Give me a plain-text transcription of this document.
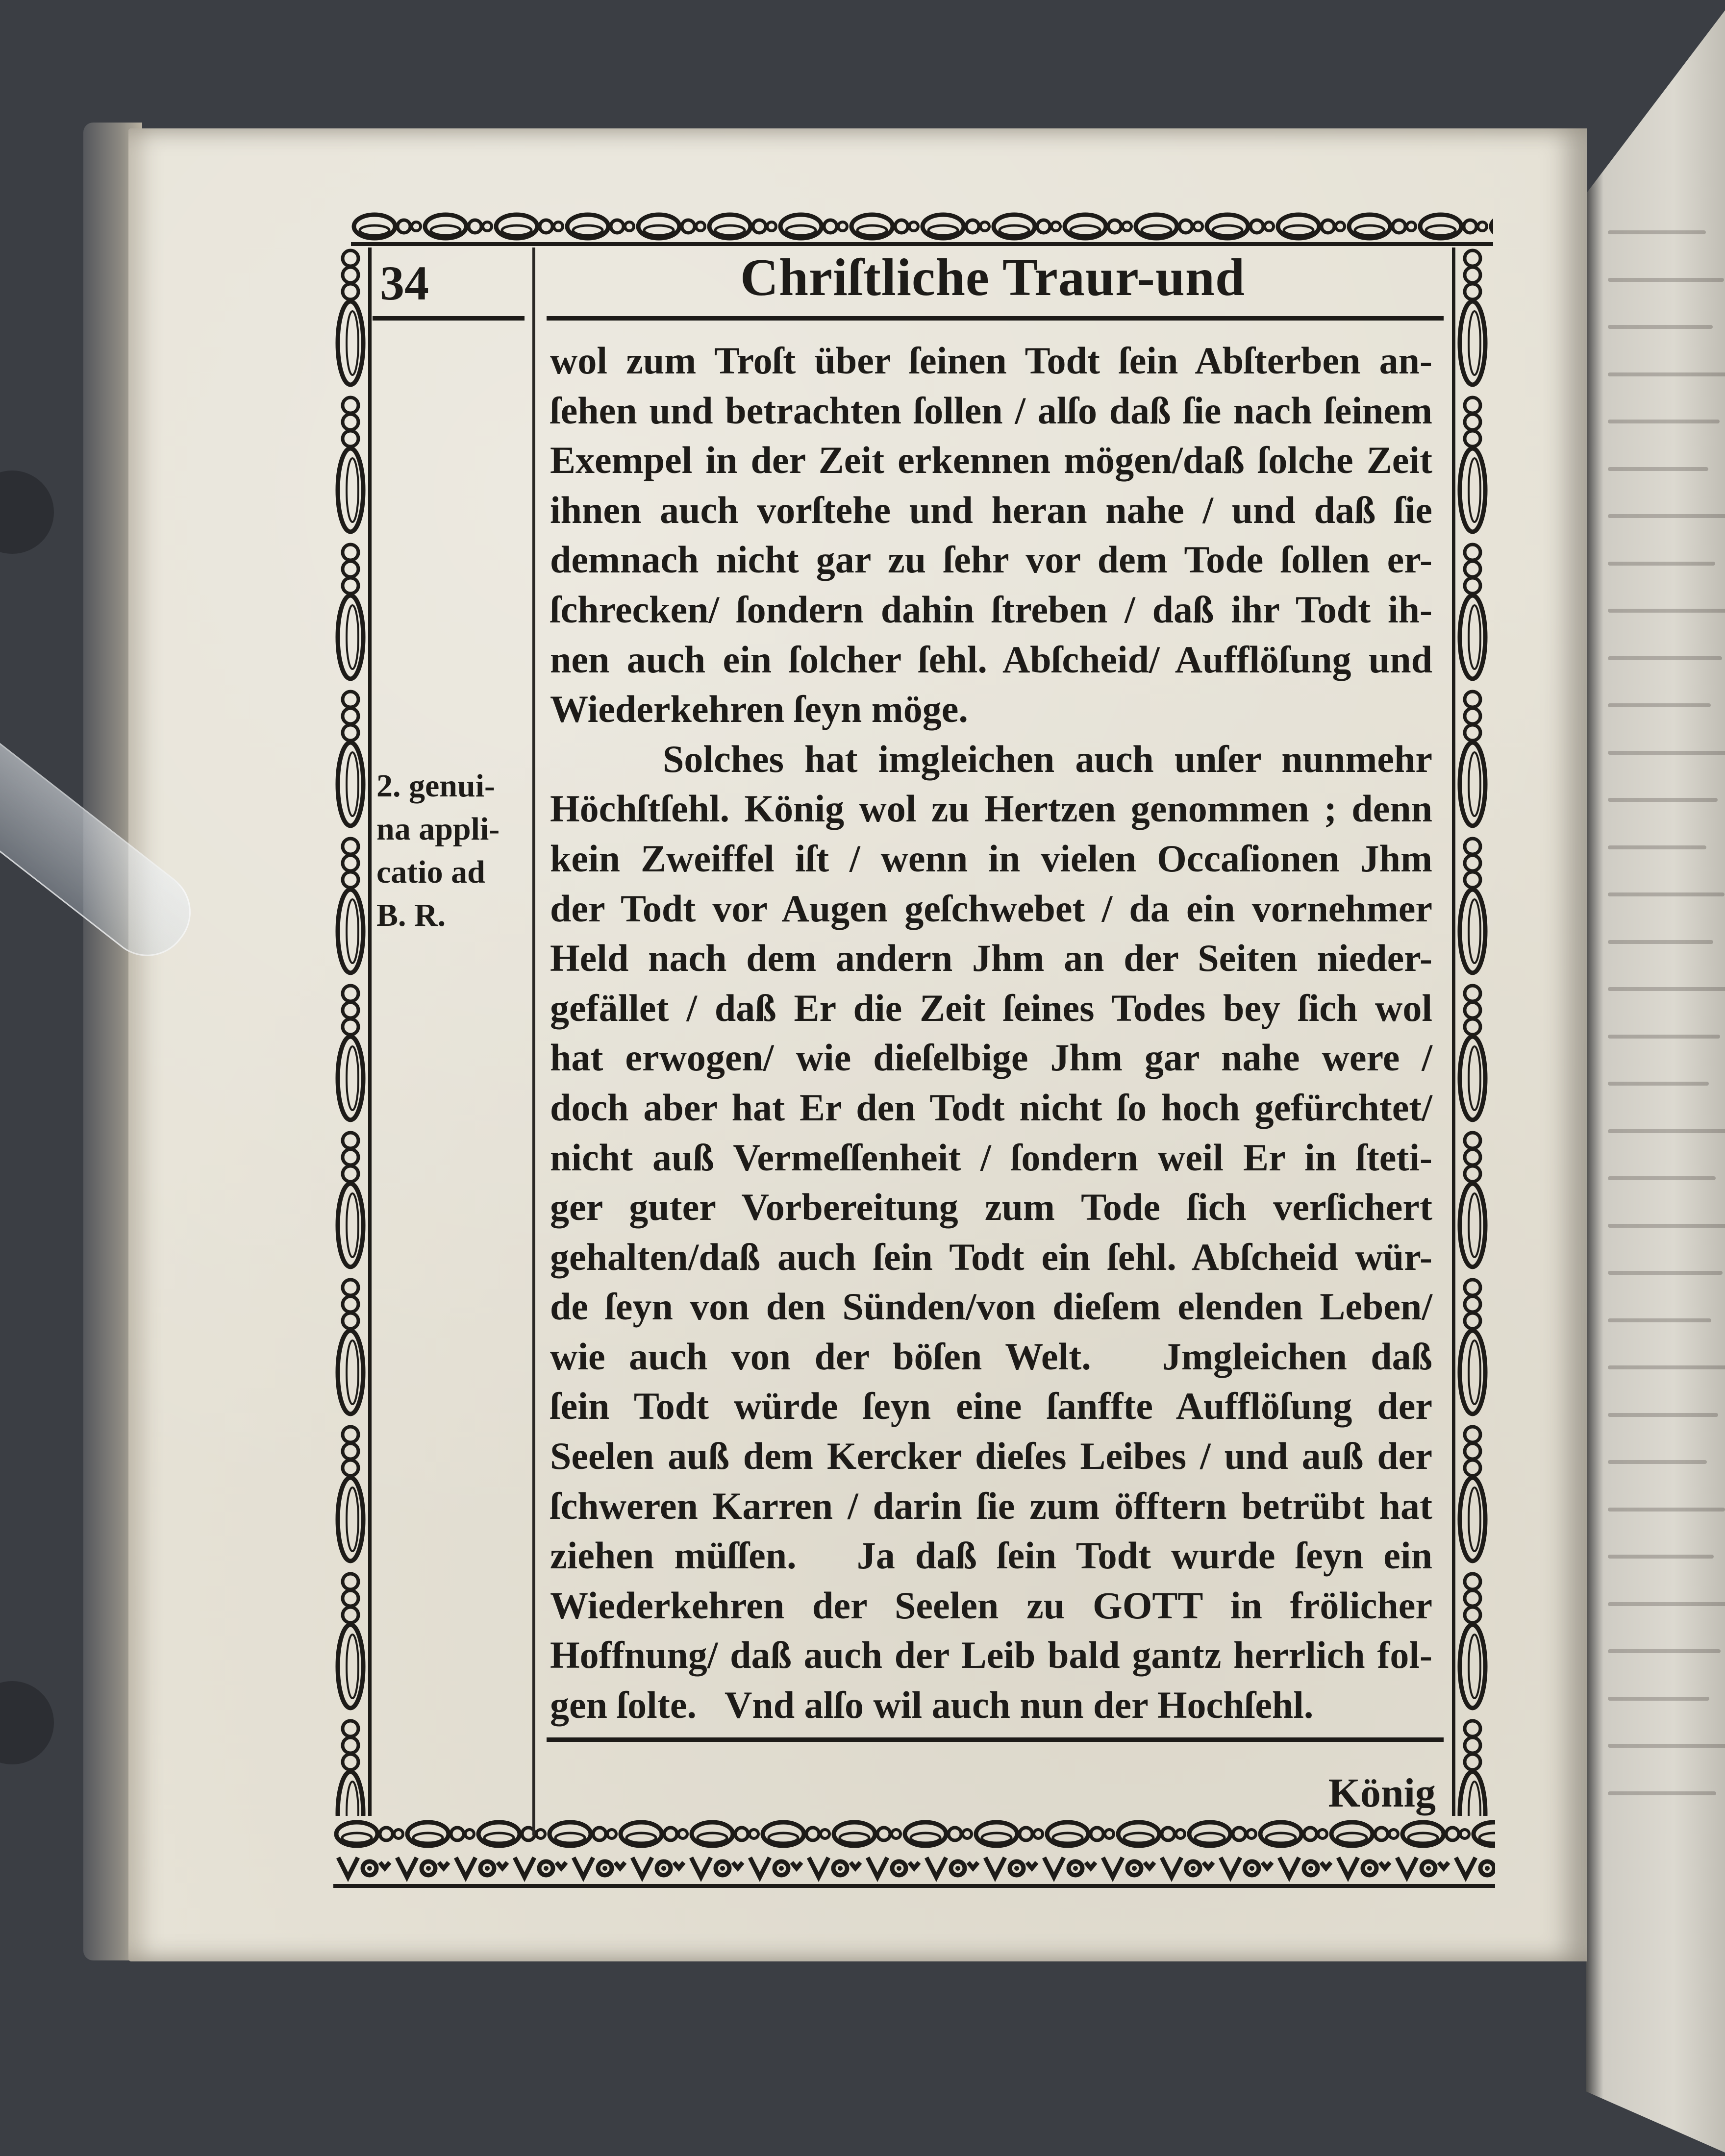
34	Chriſtliche Traur-und
2. genui-
na appli-
catio ad
B. R.
wol zum Troſt über ſeinen Todt ſein Abſterben an-
ſehen und betrachten ſollen / alſo daß ſie nach ſeinem
Exempel in der Zeit erkennen mögen/daß ſolche Zeit
ihnen auch vorſtehe und heran nahe / und daß ſie
demnach nicht gar zu ſehr vor dem Tode ſollen er-
ſchrecken/ ſondern dahin ſtreben / daß ihr Todt ih-
nen auch ein ſolcher ſehl. Abſcheid/ Aufflöſung und
Wiederkehren ſeyn möge.
Solches hat imgleichen auch unſer nunmehr
Höchſtſehl. König wol zu Hertzen genommen ; denn
kein Zweiffel iſt / wenn in vielen Occaſionen Jhm
der Todt vor Augen geſchwebet / da ein vornehmer
Held nach dem andern Jhm an der Seiten nieder-
gefället / daß Er die Zeit ſeines Todes bey ſich wol
hat erwogen/ wie dieſelbige Jhm gar nahe were /
doch aber hat Er den Todt nicht ſo hoch gefürchtet/
nicht auß Vermeſſenheit / ſondern weil Er in ſteti-
ger guter Vorbereitung zum Tode ſich verſichert
gehalten/daß auch ſein Todt ein ſehl. Abſcheid wür-
de ſeyn von den Sünden/von dieſem elenden Leben/
wie auch von der böſen Welt.   Jmgleichen daß
ſein Todt würde ſeyn eine ſanffte Aufflöſung der
Seelen auß dem Kercker dieſes Leibes / und auß der
ſchweren Karren / darin ſie zum öfftern betrübt hat
ziehen müſſen.   Ja daß ſein Todt wurde ſeyn ein
Wiederkehren der Seelen zu GOTT in frölicher
Hoffnung/ daß auch der Leib bald gantz herrlich fol-
gen ſolte.   Vnd alſo wil auch nun der Hochſehl.
König
